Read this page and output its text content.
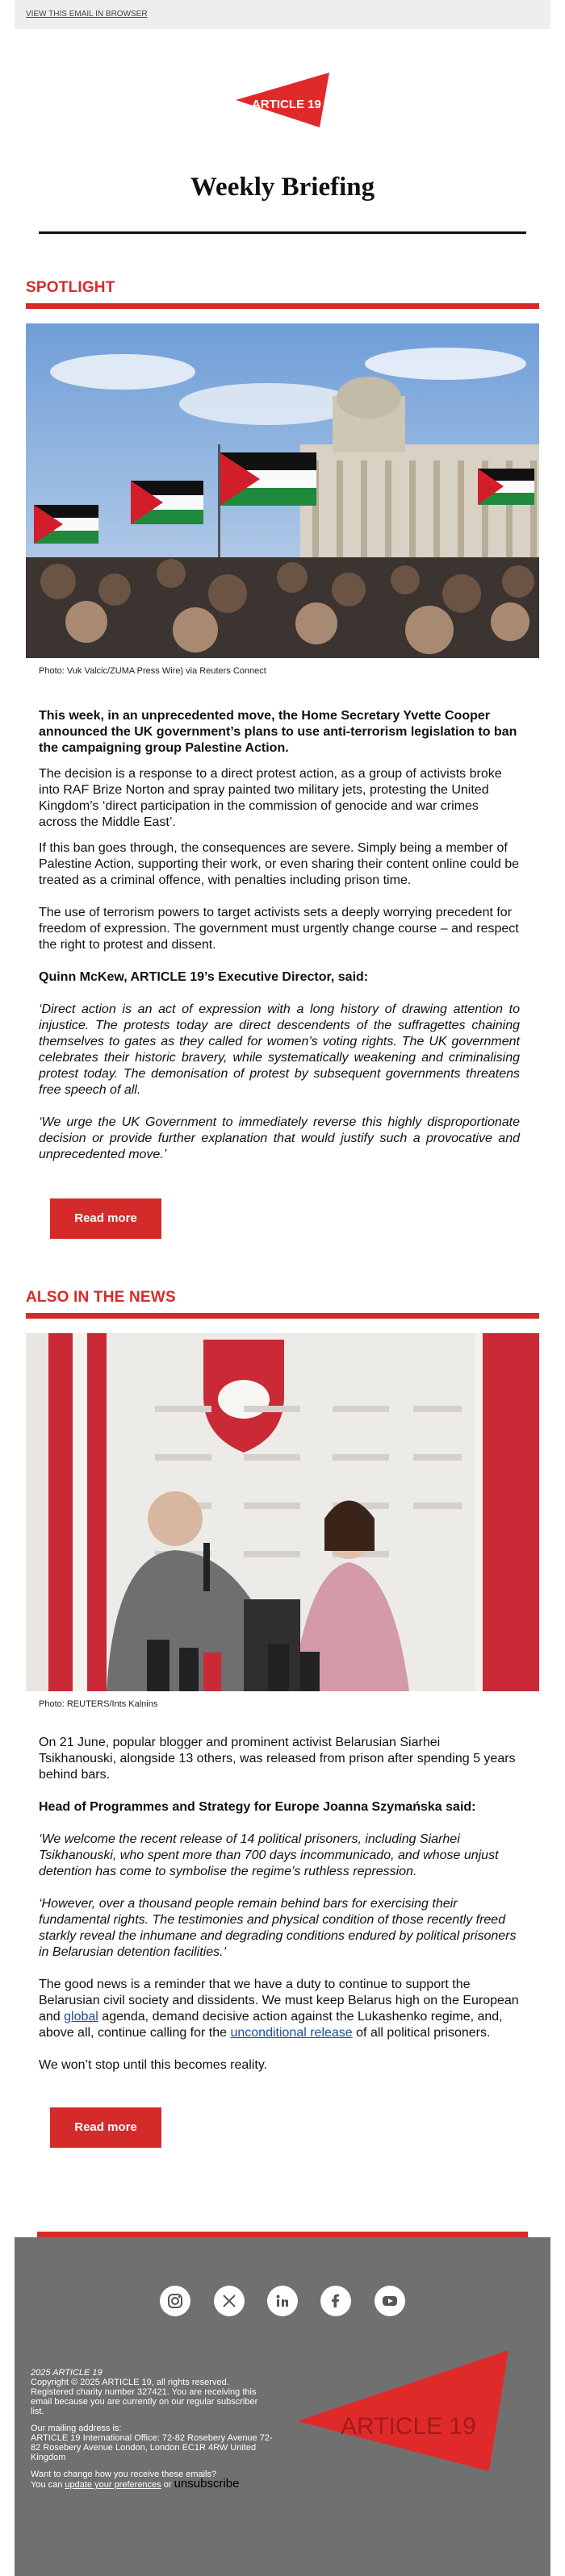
VIEW THIS EMAIL IN BROWSER
ARTICLE 19
Weekly Briefing
SPOTLIGHT
Photo: Vuk Valcic/ZUMA Press Wire) via Reuters Connect

This week, in an unprecedented move, the Home Secretary Yvette Cooper announced the UK government’s plans to use anti-terrorism legislation to ban the campaigning group Palestine Action.

The decision is a response to a direct protest action, as a group of activists broke into RAF Brize Norton and spray painted two military jets, protesting the United Kingdom’s ‘direct participation in the commission of genocide and war crimes across the Middle East’.

If this ban goes through, the consequences are severe. Simply being a member of Palestine Action, supporting their work, or even sharing their content online could be treated as a criminal offence, with penalties including prison time.

The use of terrorism powers to target activists sets a deeply worrying precedent for freedom of expression. The government must urgently change course – and respect the right to protest and dissent.

Quinn McKew, ARTICLE 19’s Executive Director, said:

‘Direct action is an act of expression with a long history of drawing attention to injustice. The protests today are direct descendents of the suffragettes chaining themselves to gates as they called for women’s voting rights. The UK government celebrates their historic bravery, while systematically weakening and criminalising protest today. The demonisation of protest by subsequent governments threatens free speech of all.

‘We urge the UK Government to immediately reverse this highly disproportionate decision or provide further explanation that would justify such a provocative and unprecedented move.’

Read more
ALSO IN THE NEWS
Photo: REUTERS/Ints Kalnins

On 21 June, popular blogger and prominent activist Belarusian Siarhei Tsikhanouski, alongside 13 others, was released from prison after spending 5 years behind bars.

Head of Programmes and Strategy for Europe Joanna Szymańska said:

‘We welcome the recent release of 14 political prisoners, including Siarhei Tsikhanouski, who spent more than 700 days incommunicado, and whose unjust detention has come to symbolise the regime’s ruthless repression.

‘However, over a thousand people remain behind bars for exercising their fundamental rights. The testimonies and physical condition of those recently freed starkly reveal the inhumane and degrading conditions endured by political prisoners in Belarusian detention facilities.’

The good news is a reminder that we have a duty to continue to support the Belarusian civil society and dissidents. We must keep Belarus high on the European and global agenda, demand decisive action against the Lukashenko regime, and, above all, continue calling for the unconditional release of all political prisoners.

We won’t stop until this becomes reality.

Read more

2025 ARTICLE 19

Copyright © 2025 ARTICLE 19, all rights reserved.

Registered charity number 327421. You are receiving this email because you are currently on our regular subscriber list.

Our mailing address is:

ARTICLE 19 International Office: 72-82 Rosebery Avenue 72-82 Rosebery Avenue London, London EC1R 4RW United Kingdom

Want to change how you receive these emails?

You can update your preferences or unsubscribe

ARTICLE 19
